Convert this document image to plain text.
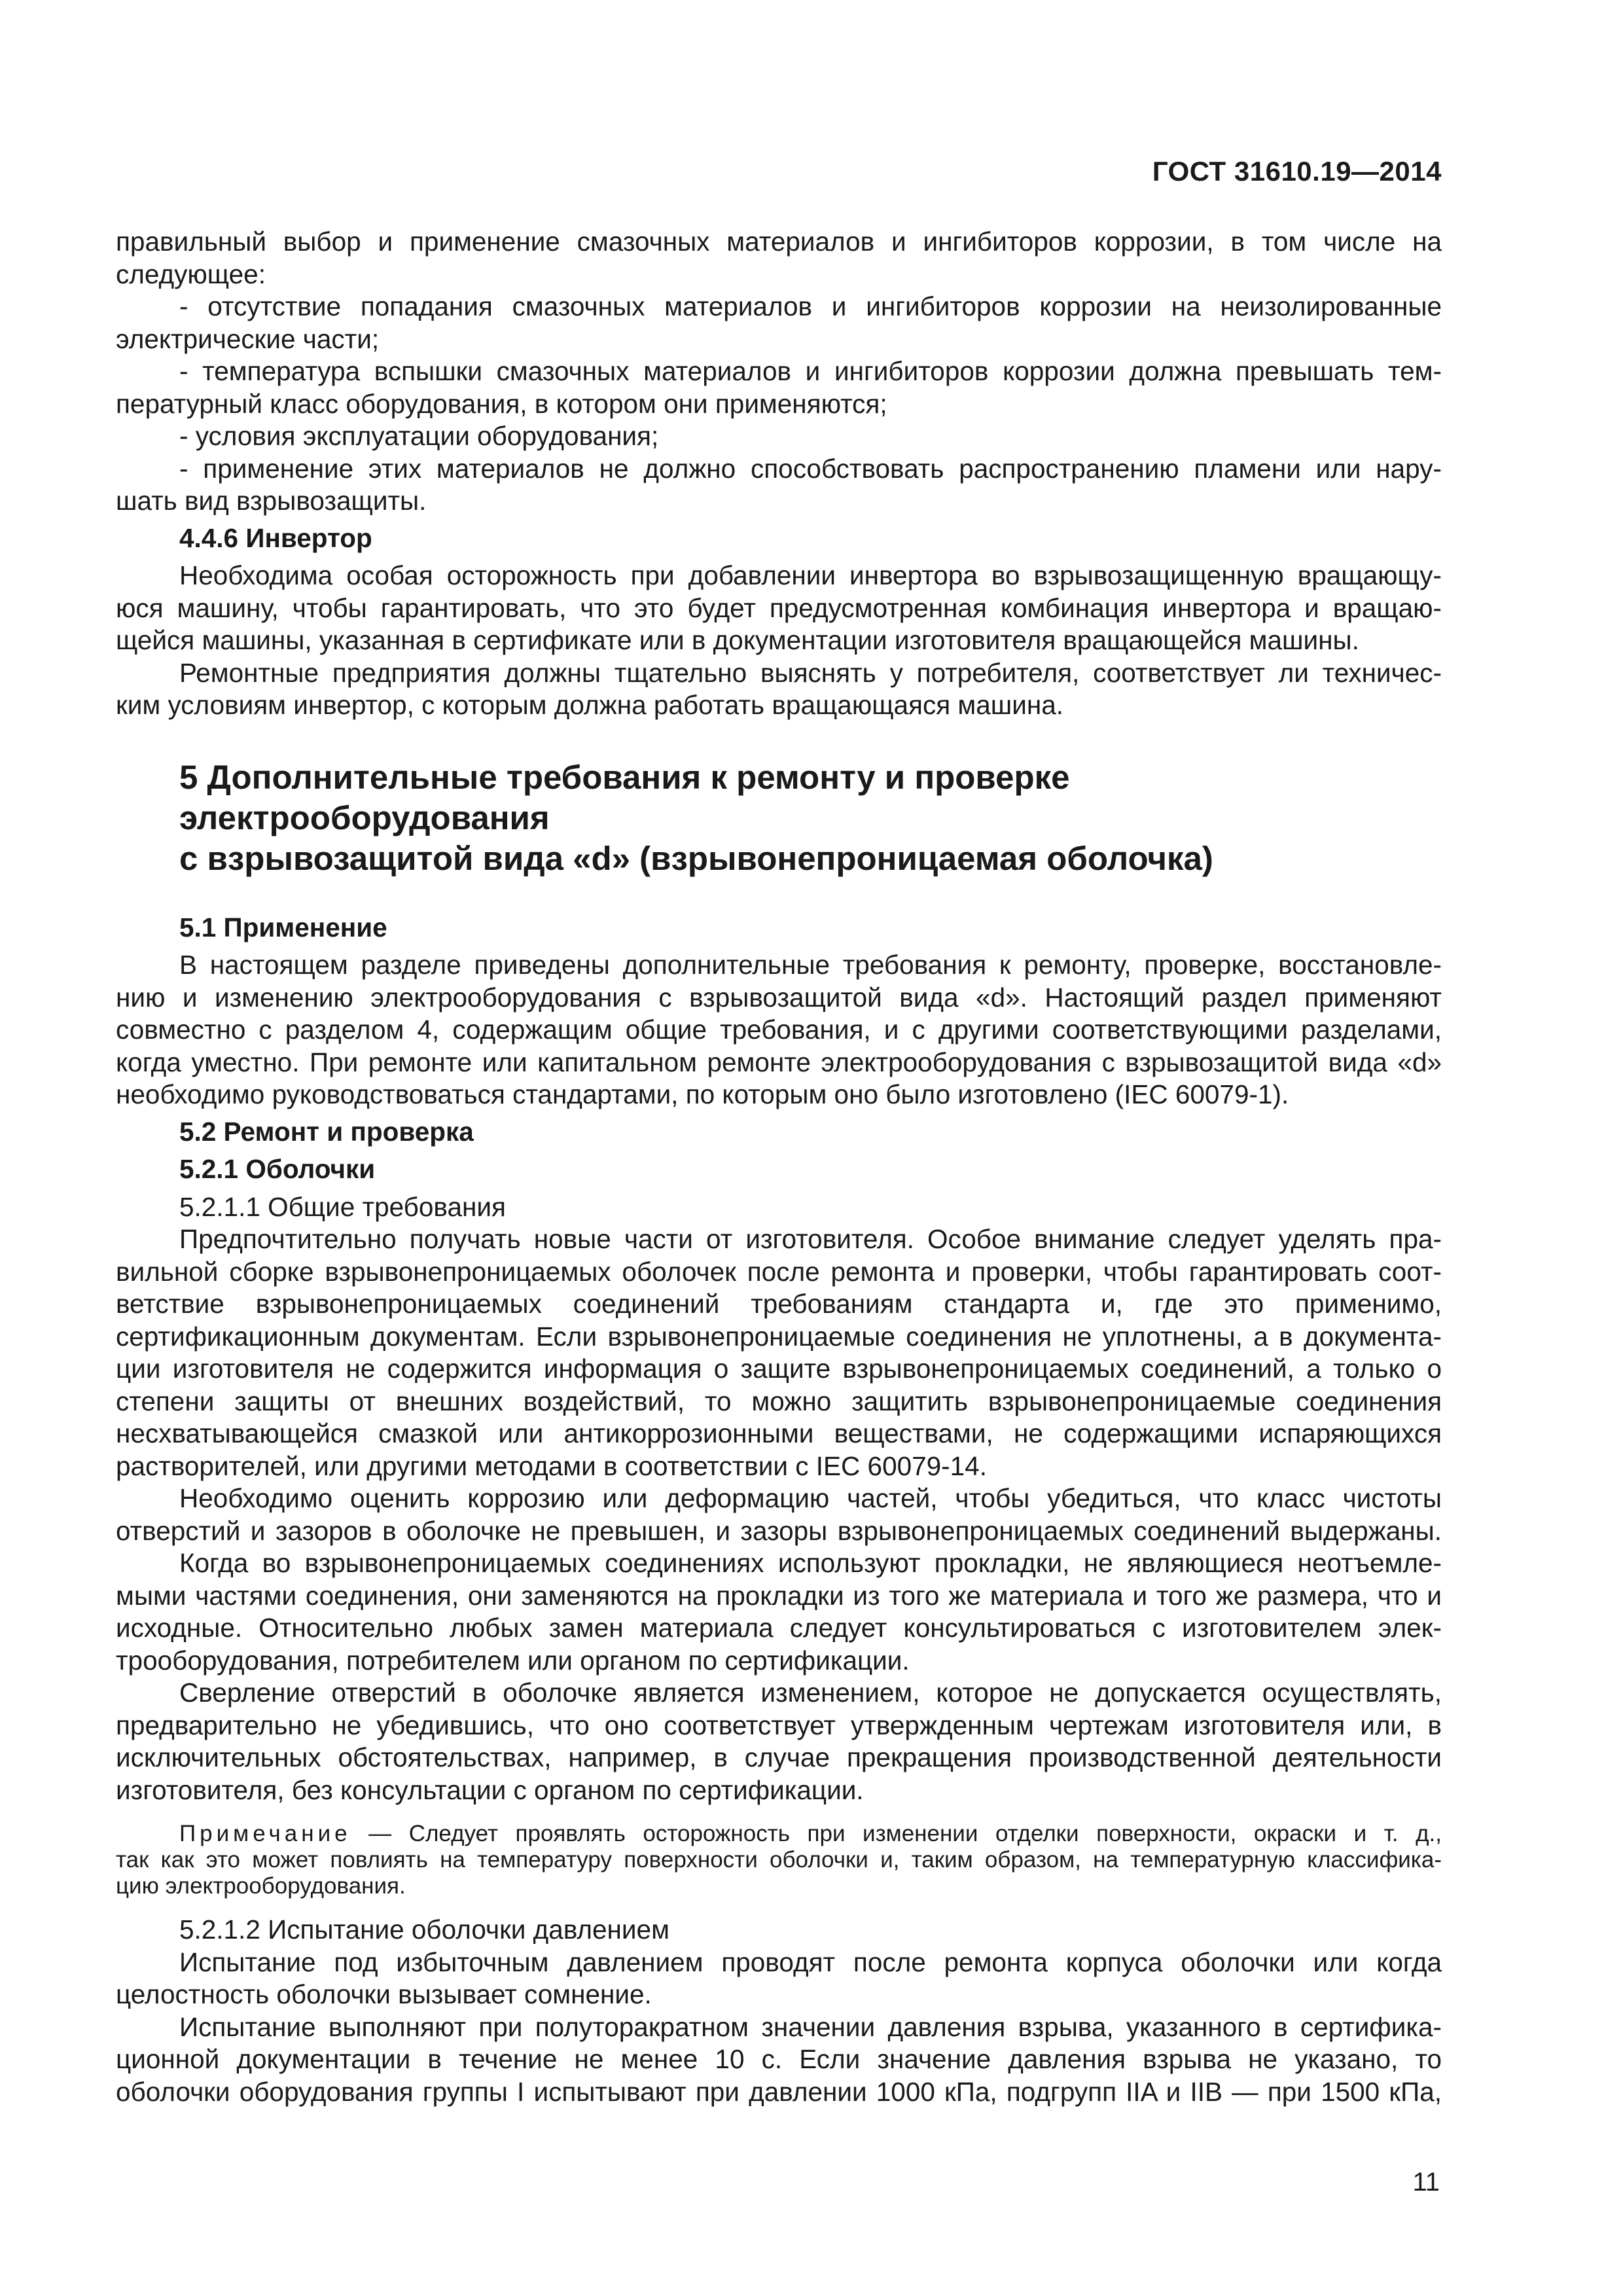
ГОСТ 31610.19—2014

правильный выбор и применение смазочных материалов и ингибиторов коррозии, в том числе на

следующее:

- отсутствие попадания смазочных материалов и ингибиторов коррозии на неизолированные

электрические части;

- температура вспышки смазочных материалов и ингибиторов коррозии должна превышать тем-

пературный класс оборудования, в котором они применяются;

- условия эксплуатации оборудования;

- применение этих материалов не должно способствовать распространению пламени или нару-

шать вид взрывозащиты.

4.4.6 Инвертор

Необходима особая осторожность при добавлении инвертора во взрывозащищенную вращающу-

юся машину, чтобы гарантировать, что это будет предусмотренная комбинация инвертора и вращаю-

щейся машины, указанная в сертификате или в документации изготовителя вращающейся машины.

Ремонтные предприятия должны тщательно выяснять у потребителя, соответствует ли техничес-

ким условиям инвертор, с которым должна работать вращающаяся машина.

5 Дополнительные требования к ремонту и проверке электрооборудования
с взрывозащитой вида «d» (взрывонепроницаемая оболочка)

5.1 Применение

В настоящем разделе приведены дополнительные требования к ремонту, проверке, восстановле-

нию и изменению электрооборудования с взрывозащитой вида «d». Настоящий раздел применяют

совместно с разделом 4, содержащим общие требования, и с другими соответствующими разделами,

когда уместно. При ремонте или капитальном ремонте электрооборудования с взрывозащитой вида «d»

необходимо руководствоваться стандартами, по которым оно было изготовлено (IEC 60079-1).

5.2 Ремонт и проверка

5.2.1 Оболочки

5.2.1.1 Общие требования

Предпочтительно получать новые части от изготовителя. Особое внимание следует уделять пра-

вильной сборке взрывонепроницаемых оболочек после ремонта и проверки, чтобы гарантировать соот-

ветствие взрывонепроницаемых соединений требованиям стандарта и, где это применимо,

сертификационным документам. Если взрывонепроницаемые соединения не уплотнены, а в документа-

ции изготовителя не содержится информация о защите взрывонепроницаемых соединений, а только о

степени защиты от внешних воздействий, то можно защитить взрывонепроницаемые соединения

несхватывающейся смазкой или антикоррозионными веществами, не содержащими испаряющихся

растворителей, или другими методами в соответствии с IEC 60079-14.

Необходимо оценить коррозию или деформацию частей, чтобы убедиться, что класс чистоты

отверстий и зазоров в оболочке не превышен, и зазоры взрывонепроницаемых соединений выдержаны.

Когда во взрывонепроницаемых соединениях используют прокладки, не являющиеся неотъемле-

мыми частями соединения, они заменяются на прокладки из того же материала и того же размера, что и

исходные. Относительно любых замен материала следует консультироваться с изготовителем элек-

трооборудования, потребителем или органом по сертификации.

Сверление отверстий в оболочке является изменением, которое не допускается осуществлять,

предварительно не убедившись, что оно соответствует утвержденным чертежам изготовителя или, в

исключительных обстоятельствах, например, в случае прекращения производственной деятельности

изготовителя, без консультации с органом по сертификации.

Примечание — Следует проявлять осторожность при изменении отделки поверхности, окраски и т. д.,

так как это может повлиять на температуру поверхности оболочки и, таким образом, на температурную классифика-

цию электрооборудования.

5.2.1.2 Испытание оболочки давлением

Испытание под избыточным давлением проводят после ремонта корпуса оболочки или когда

целостность оболочки вызывает сомнение.

Испытание выполняют при полуторакратном значении давления взрыва, указанного в сертифика-

ционной документации в течение не менее 10 с. Если значение давления взрыва не указано, то

оболочки оборудования группы I испытывают при давлении 1000 кПа, подгрупп IIA и IIB — при 1500 кПа,

11
